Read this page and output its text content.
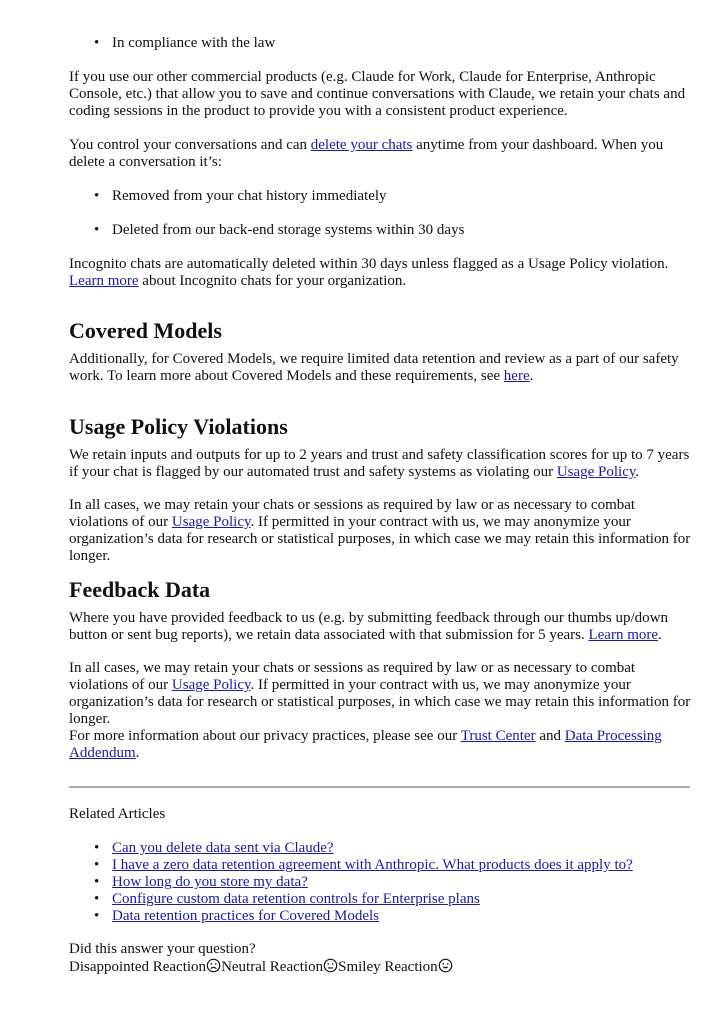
• In compliance with the law

If you use our other commercial products (e.g. Claude for Work, Claude for Enterprise, Anthropic Console, etc.) that allow you to save and continue conversations with Claude, we retain your chats and coding sessions in the product to provide you with a consistent product experience.

You control your conversations and can delete your chats anytime from your dashboard. When you delete a conversation it’s:

• Removed from your chat history immediately
• Deleted from our back-end storage systems within 30 days

Incognito chats are automatically deleted within 30 days unless flagged as a Usage Policy violation. Learn more about Incognito chats for your organization.

Covered Models

Additionally, for Covered Models, we require limited data retention and review as a part of our safety work. To learn more about Covered Models and these requirements, see here.

Usage Policy Violations

We retain inputs and outputs for up to 2 years and trust and safety classification scores for up to 7 years if your chat is flagged by our automated trust and safety systems as violating our Usage Policy.

In all cases, we may retain your chats or sessions as required by law or as necessary to combat violations of our Usage Policy. If permitted in your contract with us, we may anonymize your organization’s data for research or statistical purposes, in which case we may retain this information for longer.

Feedback Data

Where you have provided feedback to us (e.g. by submitting feedback through our thumbs up/down button or sent bug reports), we retain data associated with that submission for 5 years. Learn more.

In all cases, we may retain your chats or sessions as required by law or as necessary to combat violations of our Usage Policy. If permitted in your contract with us, we may anonymize your organization’s data for research or statistical purposes, in which case we may retain this information for longer.

For more information about our privacy practices, please see our Trust Center and Data Processing Addendum.

Related Articles

• Can you delete data sent via Claude?
• I have a zero data retention agreement with Anthropic. What products does it apply to?
• How long do you store my data?
• Configure custom data retention controls for Enterprise plans
• Data retention practices for Covered Models

Did this answer your question?

Disappointed Reaction Neutral Reaction Smiley Reaction
